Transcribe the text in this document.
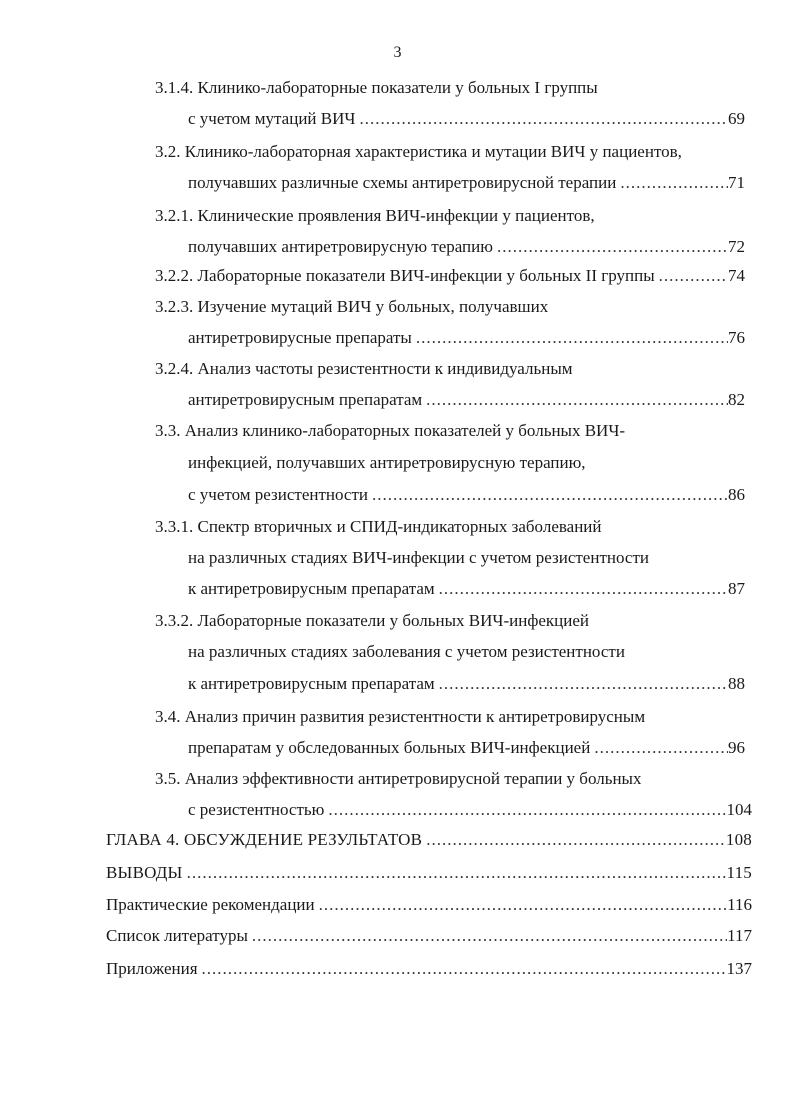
3
3.1.4. Клинико-лабораторные показатели у больных I группы
с учетом мутаций ВИЧ .....	69
3.2. Клинико-лабораторная характеристика и мутации ВИЧ у пациентов,
получавших различные схемы антиретровирусной терапии .....	71
3.2.1. Клинические проявления ВИЧ-инфекции у пациентов,
получавших антиретровирусную терапию .....	72
3.2.2. Лабораторные показатели ВИЧ-инфекции у больных II группы .....	74
3.2.3. Изучение мутаций ВИЧ у больных, получавших
антиретровирусные препараты .....	76
3.2.4. Анализ частоты резистентности к индивидуальным
антиретровирусным препаратам .....	82
3.3. Анализ клинико-лабораторных показателей у больных ВИЧ-
инфекцией, получавших антиретровирусную терапию,
с учетом резистентности .....	86
3.3.1. Спектр вторичных и СПИД-индикаторных заболеваний
на различных стадиях ВИЧ-инфекции с учетом резистентности
к антиретровирусным препаратам .....	87
3.3.2. Лабораторные показатели у больных ВИЧ-инфекцией
на различных стадиях заболевания с учетом резистентности
к антиретровирусным препаратам .....	88
3.4. Анализ причин развития резистентности к антиретровирусным
препаратам у обследованных больных ВИЧ-инфекцией .....	96
3.5. Анализ эффективности антиретровирусной терапии у больных
с резистентностью .....	104
ГЛАВА 4. ОБСУЖДЕНИЕ РЕЗУЛЬТАТОВ .....	108
ВЫВОДЫ .....	115
Практические рекомендации .....	116
Список литературы .....	117
Приложения .....	137
